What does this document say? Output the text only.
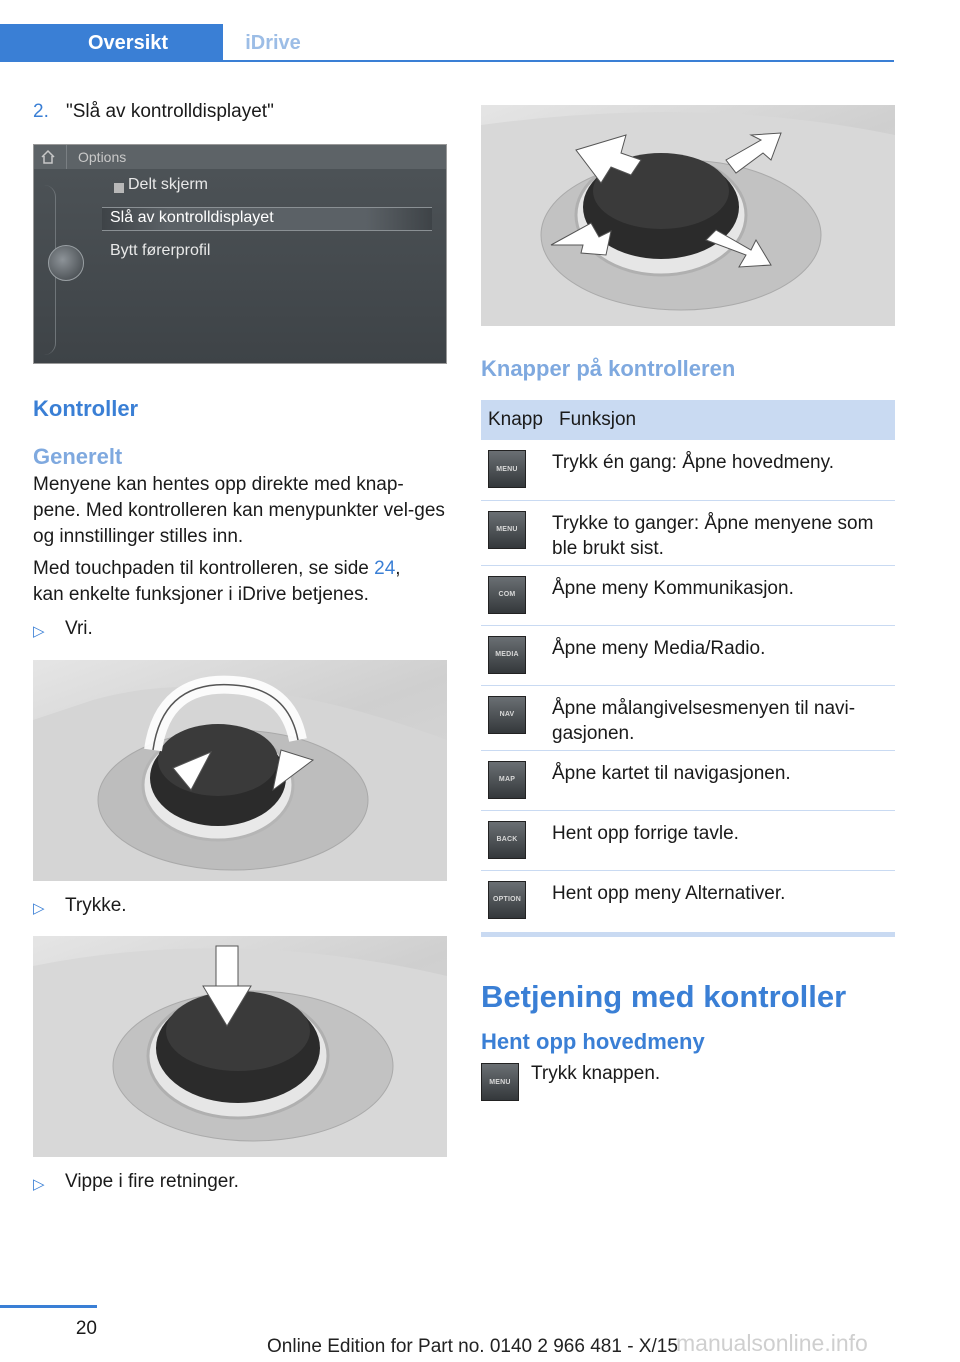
Oversikt	iDrive
2. "Slå av kontrolldisplayet"
Options
Delt skjerm
Slå av kontrolldisplayet
Bytt førerprofil
Kontroller
Generelt

Menyene kan hentes opp direkte med knap‐pene. Med kontrolleren kan menypunkter vel‐ges og innstillinger stilles inn.

Med touchpaden til kontrolleren, se side 24,
kan enkelte funksjoner i iDrive betjenes.

▷	Vri.
▷	Trykke.
▷	Vippe i fire retninger.
Knapper på kontrolleren
Knapp	Funksjon

MENU	Trykk én gang: Åpne hovedmeny.

MENU	Trykke to ganger: Åpne menyene som ble brukt sist.

COM	Åpne meny Kommunikasjon.

MEDIA	Åpne meny Media/Radio.

NAV	Åpne målangivelsesmenyen til navi‐gasjonen.

MAP	Åpne kartet til navigasjonen.

BACK	Hent opp forrige tavle.

OPTION	Hent opp meny Alternativer.
Betjening med kontroller
Hent opp hovedmeny
MENU	Trykk knappen.
20
Online Edition for Part no. 0140 2 966 481 - X/15
manualsonline.info
